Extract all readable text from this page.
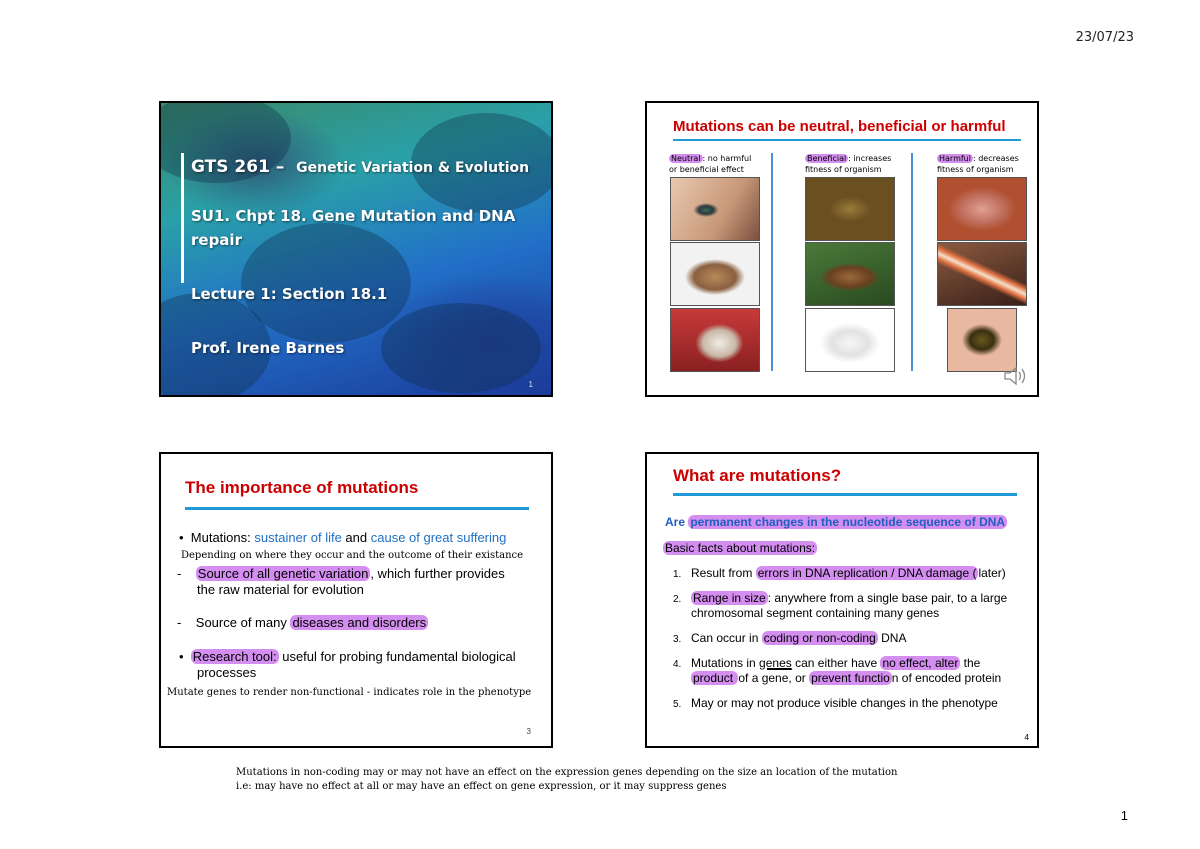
23/07/23
GTS 261 – Genetic Variation & Evolution
SU1. Chpt 18. Gene Mutation and DNA
repair
Lecture 1: Section 18.1
Prof. Irene Barnes
1
Mutations can be neutral, beneficial or harmful
Neutral : no harmful
or beneficial effect
Beneficial : increases
fitness of organism
Harmful : decreases
fitness of organism
The importance of mutations
•  Mutations: sustainer of life and cause of great suffering
Depending on where they occur and the outcome of their existance
-    Source of all genetic variation , which further provides
the raw material for evolution
-    Source of many diseases and disorders
•  Research tool: useful for probing fundamental biological
processes
Mutate genes to render non-functional - indicates role in the phenotype
3
What are mutations?
Are permanent changes in the nucleotide sequence of DNA
Basic facts about mutations:
1. Result from errors in DNA replication / DNA damage ( later)
2. Range in size : anywhere from a single base pair, to a large
chromosomal segment containing many genes
3. Can occur in coding or non-coding DNA
4. Mutations in genes can either have no effect, alter the
product of a gene, or prevent functio n of encoded protein
5. May or may not produce visible changes in the phenotype
4
Mutations in non-coding may or may not have an effect on the expression genes depending on the size an location of the mutation
i.e: may have no effect at all or may have an effect on gene expression, or it may suppress genes
1
